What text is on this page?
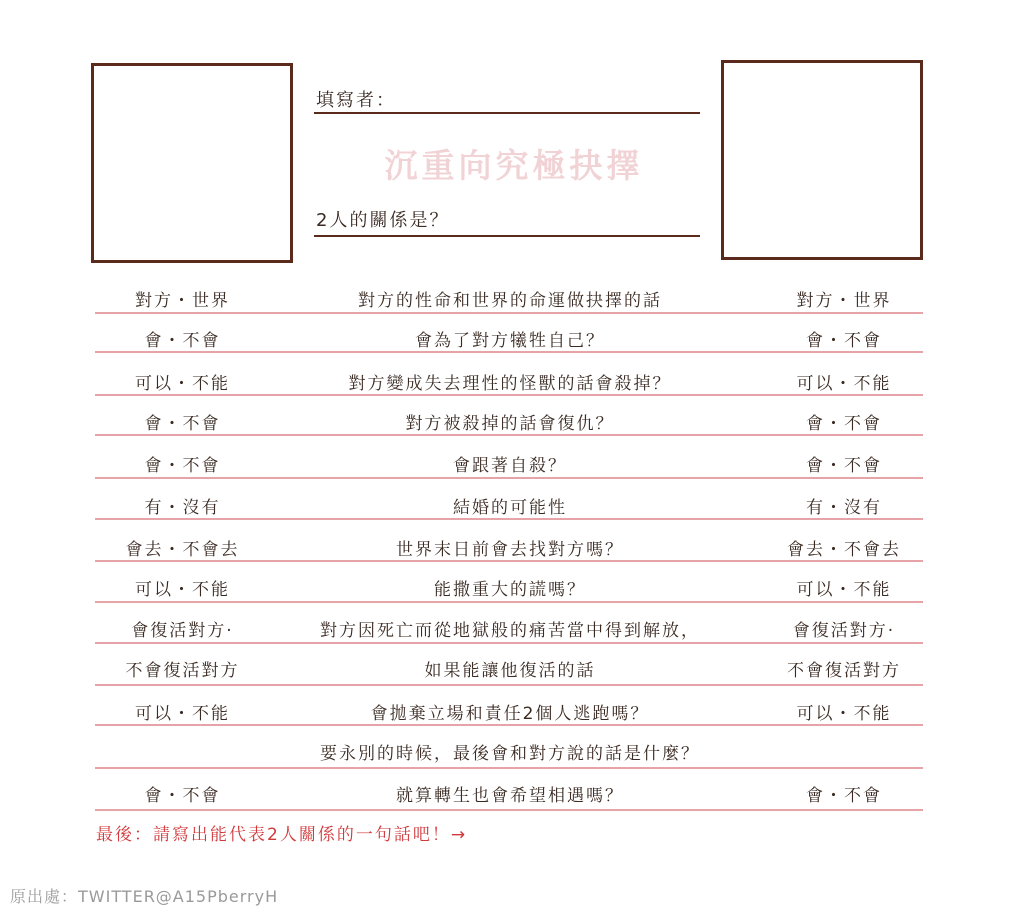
填寫者：
沉重向究極抉擇
2人的關係是？
對方・世界	對方的性命和世界的命運做抉擇的話	對方・世界
會・不會	會為了對方犧牲自己？	會・不會
可以・不能	對方變成失去理性的怪獸的話會殺掉？	可以・不能
會・不會	對方被殺掉的話會復仇？	會・不會
會・不會	會跟著自殺？	會・不會
有・沒有	結婚的可能性	有・沒有
會去・不會去	世界末日前會去找對方嗎？	會去・不會去
可以・不能	能撒重大的謊嗎？	可以・不能
會復活對方·	對方因死亡而從地獄般的痛苦當中得到解放，	會復活對方·
不會復活對方	如果能讓他復活的話	不會復活對方
可以・不能	會拋棄立場和責任2個人逃跑嗎？	可以・不能
要永別的時候，最後會和對方說的話是什麼？
會・不會	就算轉生也會希望相遇嗎？	會・不會
最後：請寫出能代表2人關係的一句話吧！→
原出處：TWITTER@A15PberryH
